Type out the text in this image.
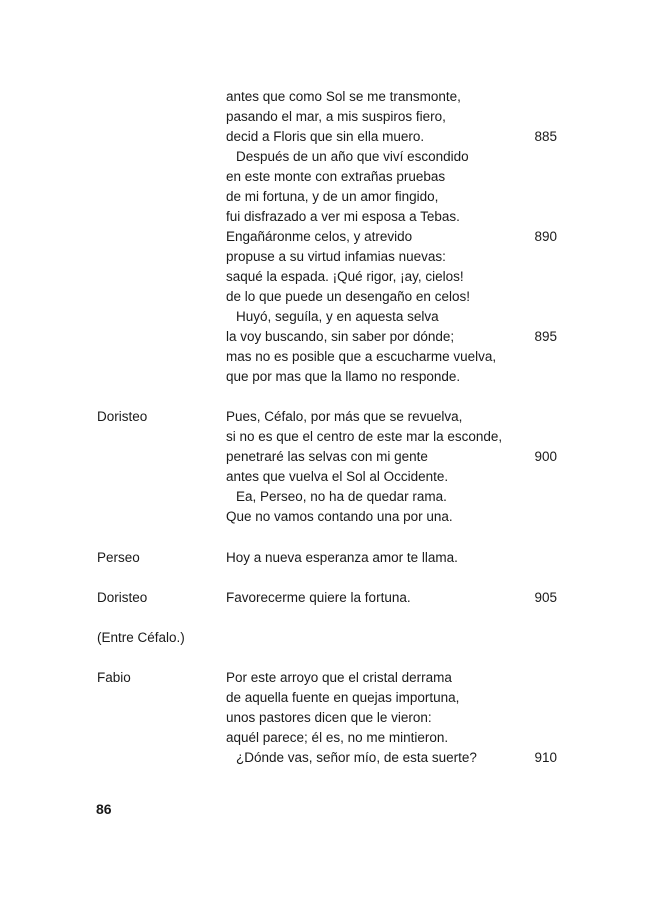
86
antes que como Sol se me transmonte,
pasando el mar, a mis suspiros fiero,
decid a Floris que sin ella muero.	885
Después de un año que viví escondido
en este monte con extrañas pruebas
de mi fortuna, y de un amor fingido,
fui disfrazado a ver mi esposa a Tebas.
Engañáronme celos, y atrevido	890
propuse a su virtud infamias nuevas:
saqué la espada. ¡Qué rigor, ¡ay, cielos!
de lo que puede un desengaño en celos!
Huyó, seguíla, y en aquesta selva
la voy buscando, sin saber por dónde;	895
mas no es posible que a escucharme vuelva,
que por mas que la llamo no responde.
Doristeo	Pues, Céfalo, por más que se revuelva,
si no es que el centro de este mar la esconde,
penetraré las selvas con mi gente	900
antes que vuelva el Sol al Occidente.
Ea, Perseo, no ha de quedar rama.
Que no vamos contando una por una.
Perseo	Hoy a nueva esperanza amor te llama.
Doristeo	Favorecerme quiere la fortuna.	905
(Entre Céfalo.)
Fabio	Por este arroyo que el cristal derrama
de aquella fuente en quejas importuna,
unos pastores dicen que le vieron:
aquél parece; él es, no me mintieron.
¿Dónde vas, señor mío, de esta suerte?	910
